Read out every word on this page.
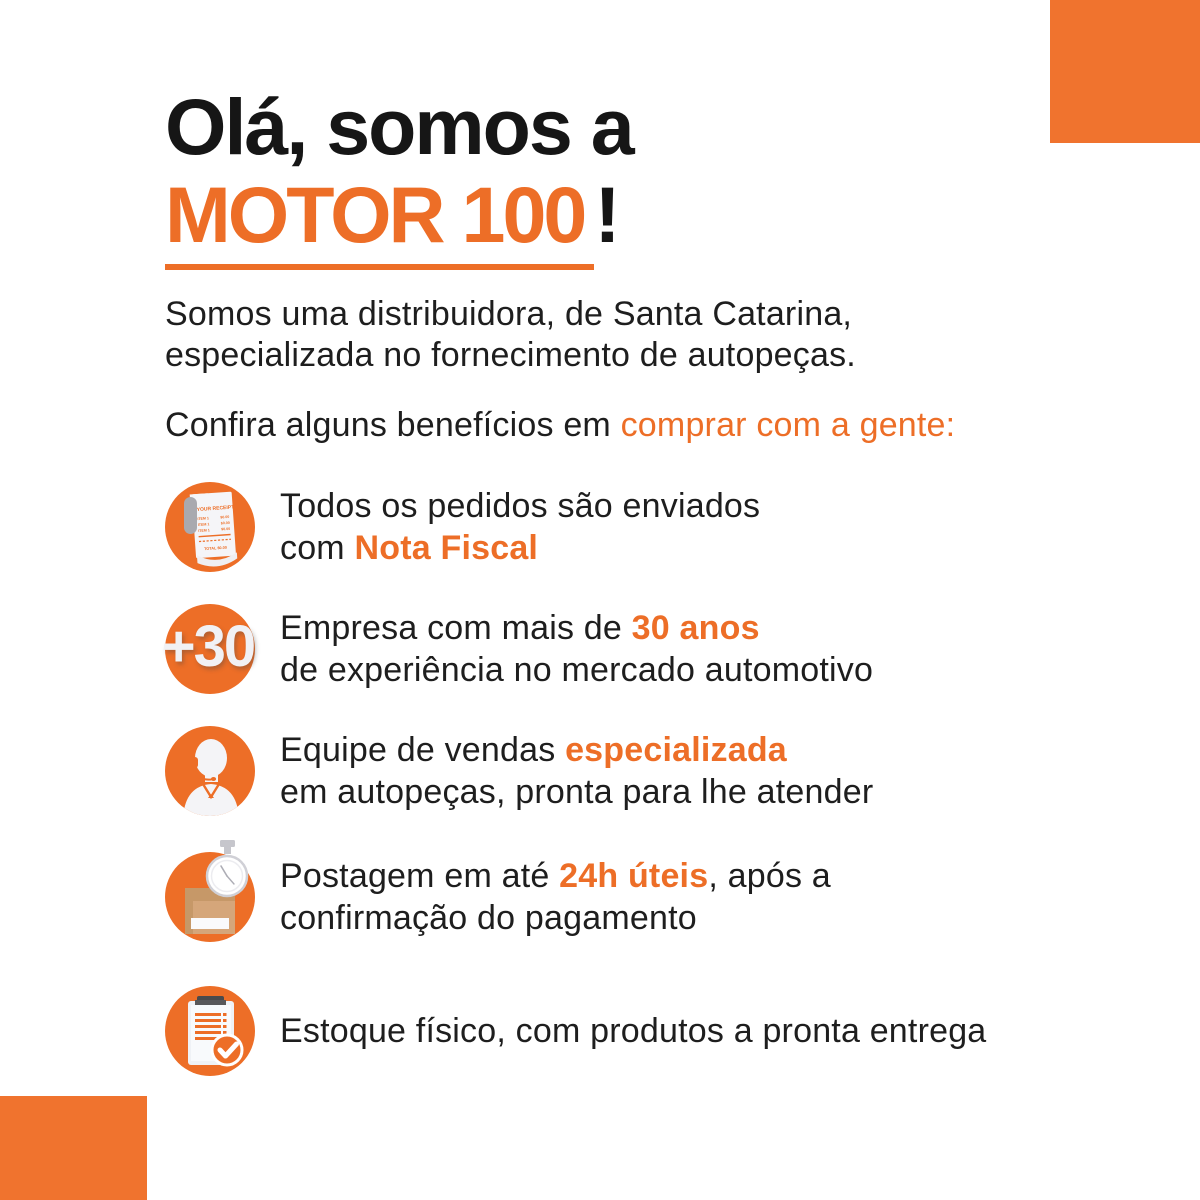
Olá, somos a
MOTOR 100 !

Somos uma distribuidora, de Santa Catarina,
especializada no fornecimento de autopeças.

Confira alguns benefícios em comprar com a gente:

YOUR RECEIPT
ITEM 1	$0.00
ITEM 1	$0.00
ITEM 1	$0.00
TOTAL $0.00
Todos os pedidos são enviados
com Nota Fiscal
+30 Empresa com mais de 30 anos
de experiência no mercado automotivo
Equipe de vendas especializada
em autopeças, pronta para lhe atender
Postagem em até 24h úteis, após a
confirmação do pagamento
Estoque físico, com produtos a pronta entrega
